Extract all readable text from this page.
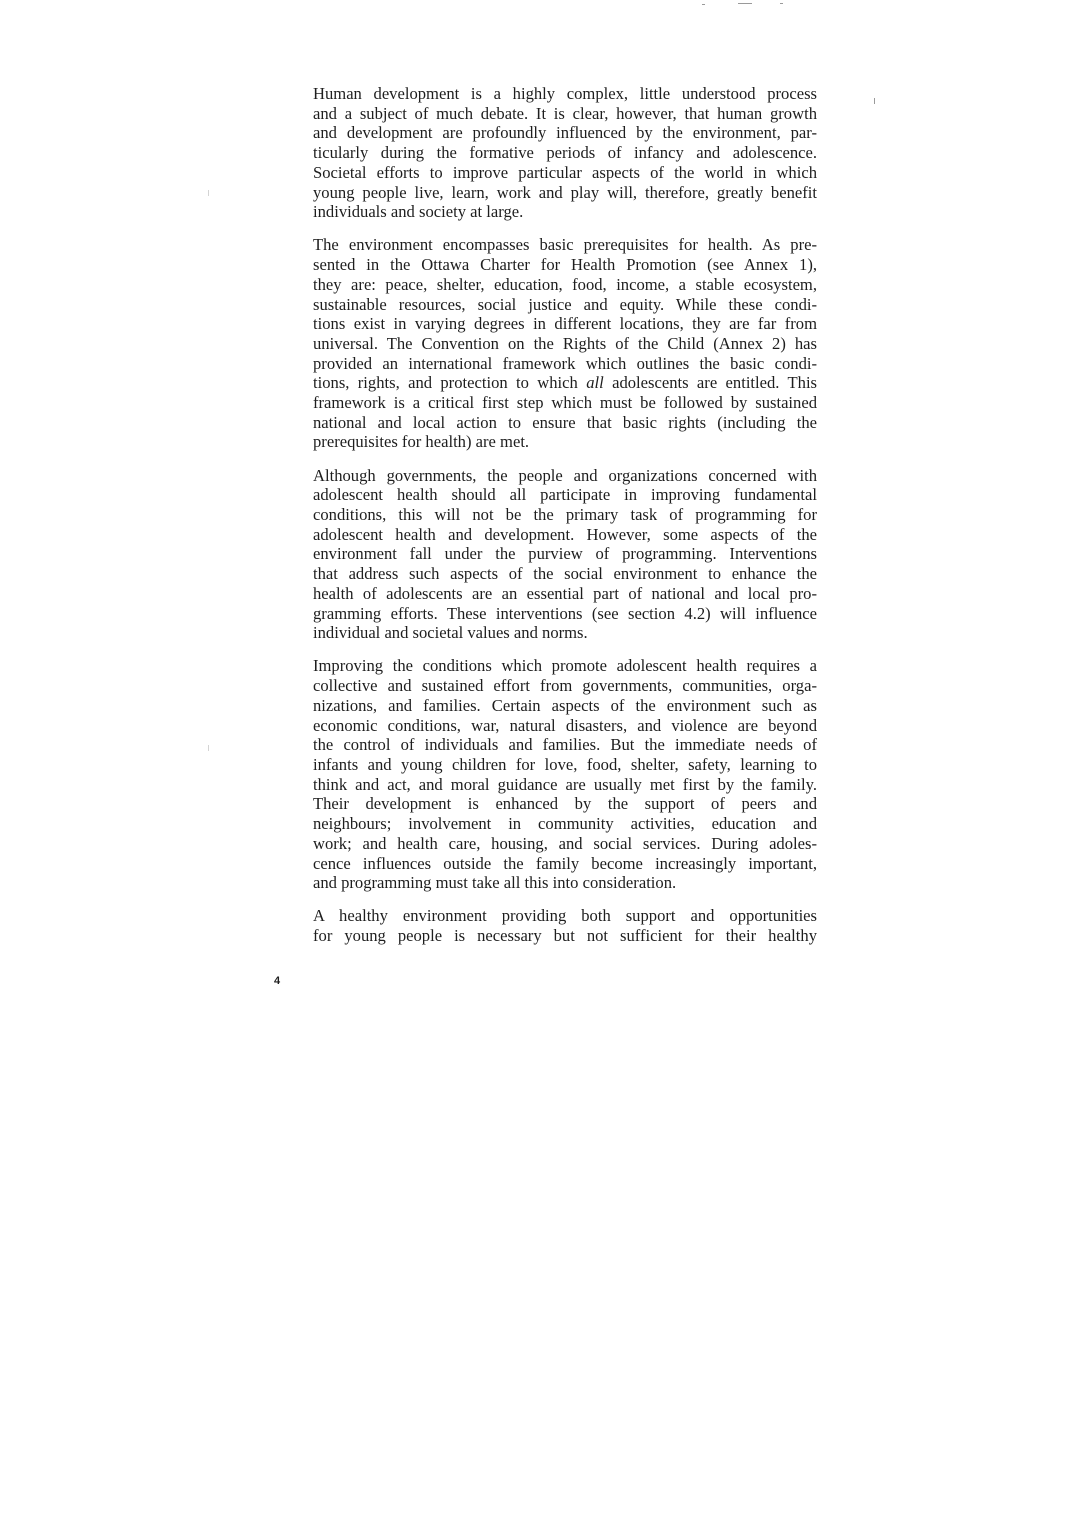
Human development is a highly complex, little understood process
and a subject of much debate. It is clear, however, that human growth
and development are profoundly influenced by the environment, par-
ticularly during the formative periods of infancy and adolescence.
Societal efforts to improve particular aspects of the world in which
young people live, learn, work and play will, therefore, greatly benefit
individuals and society at large.

The environment encompasses basic prerequisites for health. As pre-
sented in the Ottawa Charter for Health Promotion (see Annex 1),
they are: peace, shelter, education, food, income, a stable ecosystem,
sustainable resources, social justice and equity. While these condi-
tions exist in varying degrees in different locations, they are far from
universal. The Convention on the Rights of the Child (Annex 2) has
provided an international framework which outlines the basic condi-
tions, rights, and protection to which all adolescents are entitled. This
framework is a critical first step which must be followed by sustained
national and local action to ensure that basic rights (including the
prerequisites for health) are met.

Although governments, the people and organizations concerned with
adolescent health should all participate in improving fundamental
conditions, this will not be the primary task of programming for
adolescent health and development. However, some aspects of the
environment fall under the purview of programming. Interventions
that address such aspects of the social environment to enhance the
health of adolescents are an essential part of national and local pro-
gramming efforts. These interventions (see section 4.2) will influence
individual and societal values and norms.

Improving the conditions which promote adolescent health requires a
collective and sustained effort from governments, communities, orga-
nizations, and families. Certain aspects of the environment such as
economic conditions, war, natural disasters, and violence are beyond
the control of individuals and families. But the immediate needs of
infants and young children for love, food, shelter, safety, learning to
think and act, and moral guidance are usually met first by the family.
Their development is enhanced by the support of peers and
neighbours; involvement in community activities, education and
work; and health care, housing, and social services. During adoles-
cence influences outside the family become increasingly important,
and programming must take all this into consideration.

A healthy environment providing both support and opportunities
for young people is necessary but not sufficient for their healthy

4
